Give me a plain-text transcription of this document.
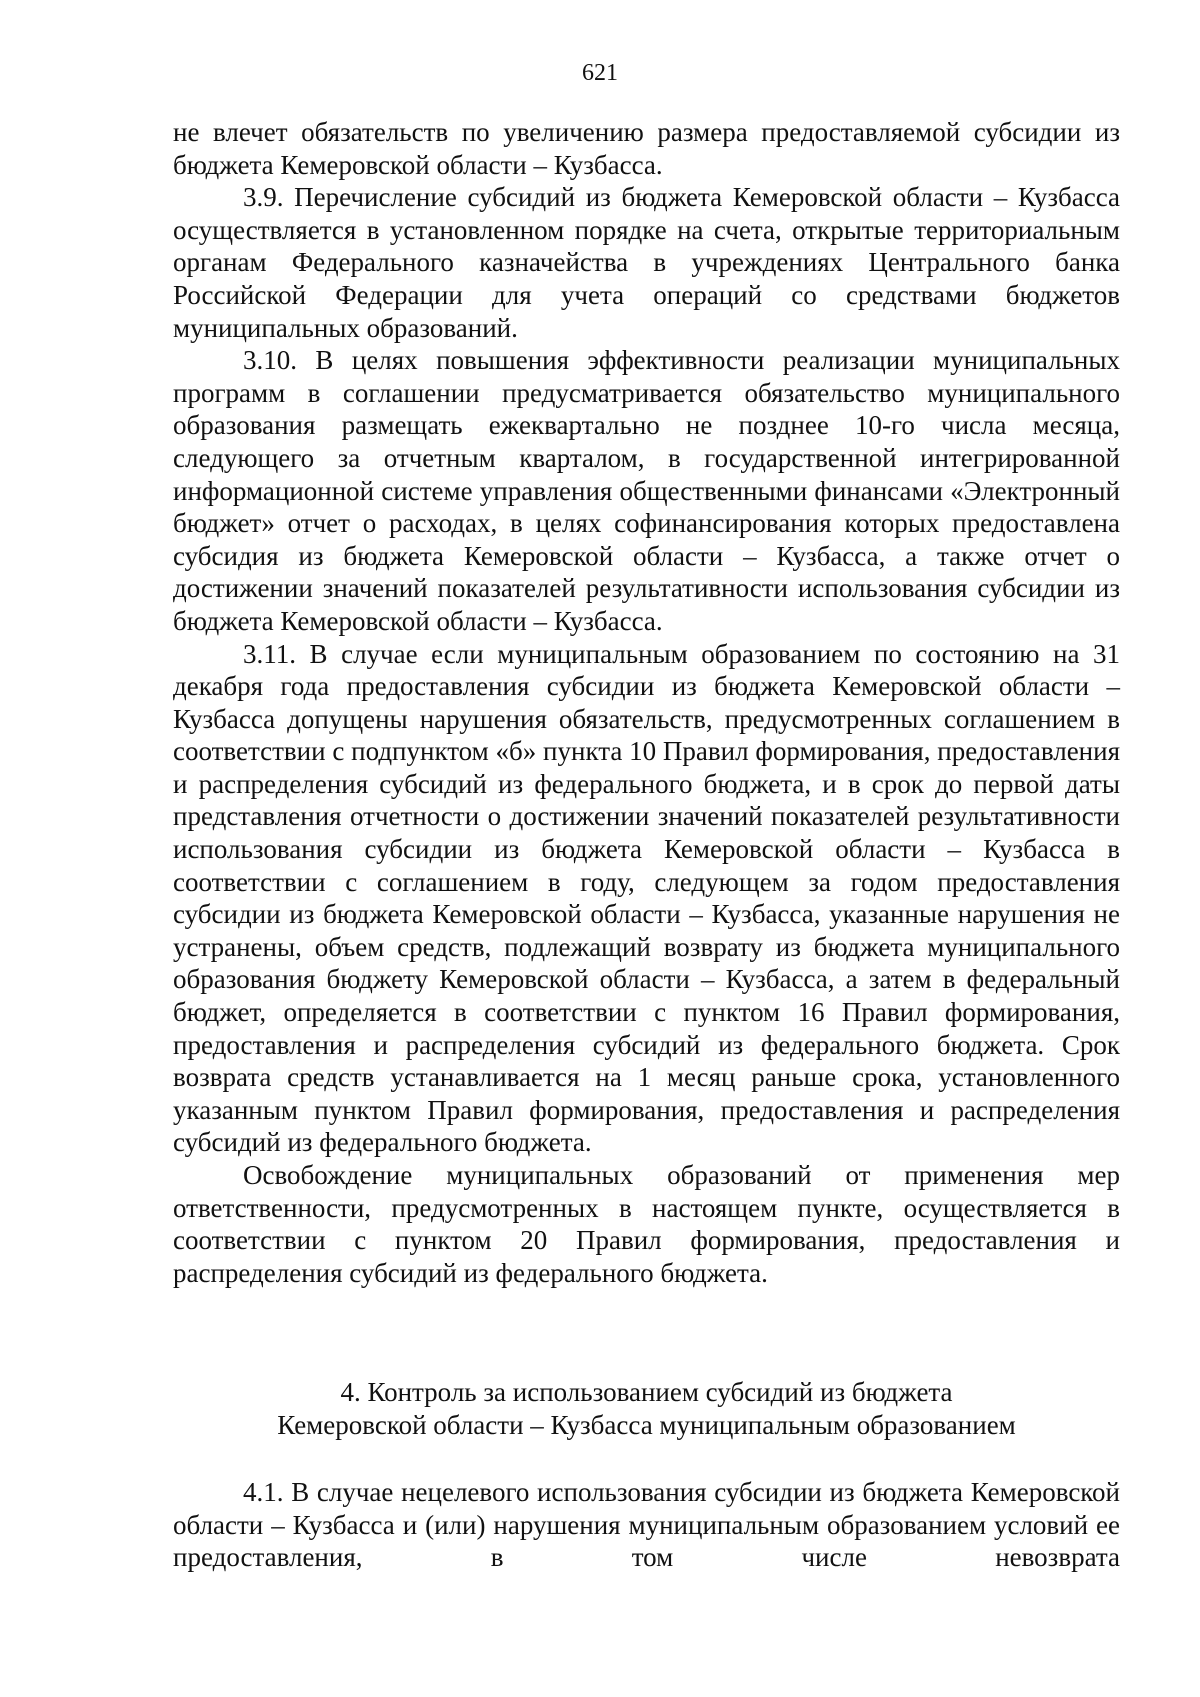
621

не влечет обязательств по увеличению размера предоставляемой субсидии из бюджета Кемеровской области – Кузбасса.

3.9. Перечисление субсидий из бюджета Кемеровской области – Кузбасса осуществляется в установленном порядке на счета, открытые территориальным органам Федерального казначейства в учреждениях Центрального банка Российской Федерации для учета операций со средствами бюджетов муниципальных образований.

3.10. В целях повышения эффективности реализации муниципальных программ в соглашении предусматривается обязательство муниципального образования размещать ежеквартально не позднее 10-го числа месяца, следующего за отчетным кварталом, в государственной интегрированной информационной системе управления общественными финансами «Электронный бюджет» отчет о расходах, в целях софинансирования которых предоставлена субсидия из бюджета Кемеровской области – Кузбасса, а также отчет о достижении значений показателей результативности использования субсидии из бюджета Кемеровской области – Кузбасса.

3.11. В случае если муниципальным образованием по состоянию на 31 декабря года предоставления субсидии из бюджета Кемеровской области – Кузбасса допущены нарушения обязательств, предусмотренных соглашением в соответствии с подпунктом «б» пункта 10 Правил формирования, предоставления и распределения субсидий из федерального бюджета, и в срок до первой даты представления отчетности о достижении значений показателей результативности использования субсидии из бюджета Кемеровской области – Кузбасса в соответствии с соглашением в году, следующем за годом предоставления субсидии из бюджета Кемеровской области – Кузбасса, указанные нарушения не устранены, объем средств, подлежащий возврату из бюджета муниципального образования бюджету Кемеровской области – Кузбасса, а затем в федеральный бюджет, определяется в соответствии с пунктом 16 Правил формирования, предоставления и распределения субсидий из федерального бюджета. Срок возврата средств устанавливается на 1 месяц раньше срока, установленного указанным пунктом Правил формирования, предоставления и распределения субсидий из федерального бюджета.

Освобождение муниципальных образований от применения мер ответственности, предусмотренных в настоящем пункте, осуществляется в соответствии с пунктом 20 Правил формирования, предоставления и распределения субсидий из федерального бюджета.

4. Контроль за использованием субсидий из бюджета
Кемеровской области – Кузбасса муниципальным образованием

4.1. В случае нецелевого использования субсидии из бюджета Кемеровской области – Кузбасса и (или) нарушения муниципальным образованием условий ее предоставления, в том числе невозврата
